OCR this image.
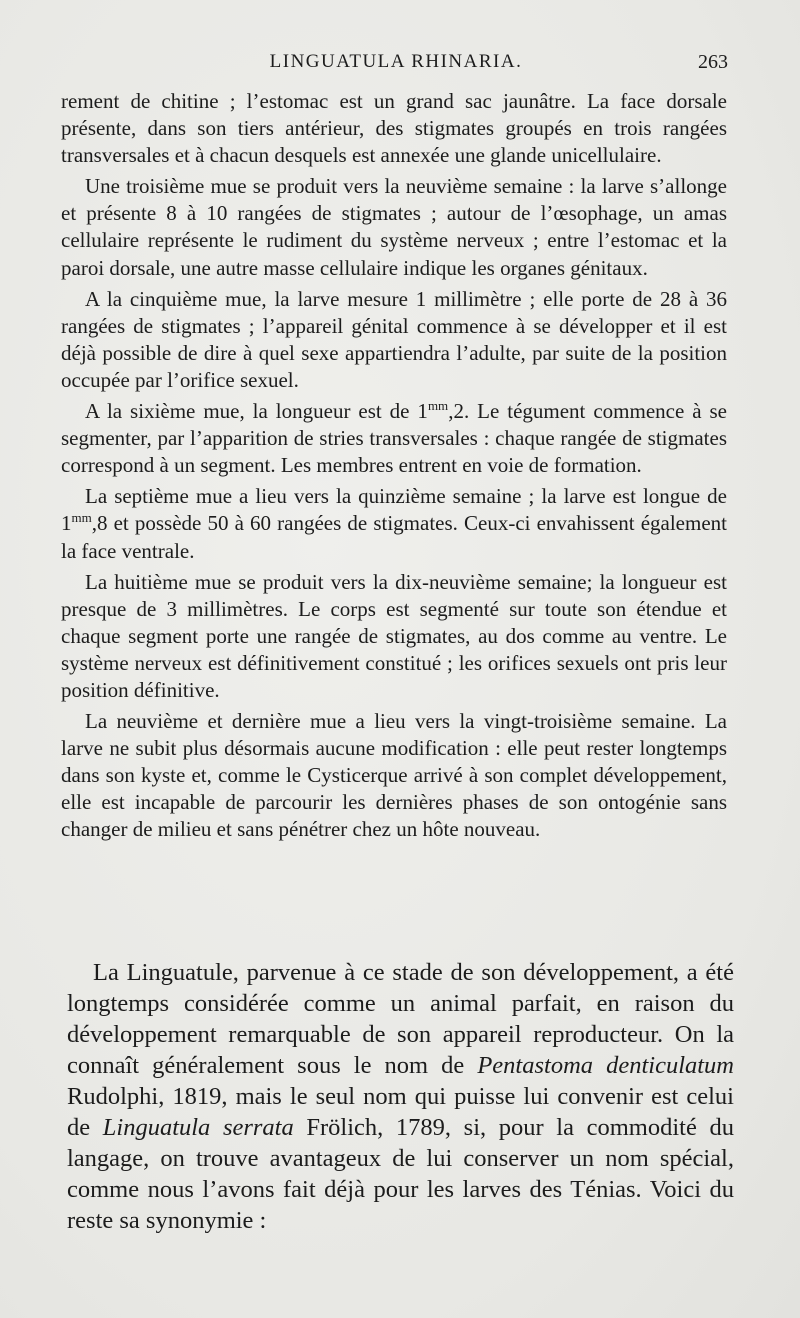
LINGUATULA RHINARIA.	263

rement de chitine ; l’estomac est un grand sac jaunâtre. La face dorsale présente, dans son tiers antérieur, des stigmates groupés en trois rangées transversales et à chacun desquels est annexée une glande unicellulaire.

Une troisième mue se produit vers la neuvième semaine : la larve s’allonge et présente 8 à 10 rangées de stigmates ; autour de l’œsophage, un amas cellulaire représente le rudiment du système nerveux ; entre l’estomac et la paroi dorsale, une autre masse cellulaire indique les organes génitaux.

A la cinquième mue, la larve mesure 1 millimètre ; elle porte de 28 à 36 rangées de stigmates ; l’appareil génital commence à se développer et il est déjà possible de dire à quel sexe appartiendra l’adulte, par suite de la position occupée par l’orifice sexuel.

A la sixième mue, la longueur est de $1^{mm},2$. Le tégument commence à se segmenter, par l’apparition de stries transversales : chaque rangée de stigmates correspond à un segment. Les membres entrent en voie de formation.

La septième mue a lieu vers la quinzième semaine ; la larve est longue de $1^{mm},8$ et possède 50 à 60 rangées de stigmates. Ceux-ci envahissent également la face ventrale.

La huitième mue se produit vers la dix-neuvième semaine; la longueur est presque de 3 millimètres. Le corps est segmenté sur toute son étendue et chaque segment porte une rangée de stigmates, au dos comme au ventre. Le système nerveux est définitivement constitué ; les orifices sexuels ont pris leur position définitive.

La neuvième et dernière mue a lieu vers la vingt-troisième semaine. La larve ne subit plus désormais aucune modification : elle peut rester longtemps dans son kyste et, comme le Cysticerque arrivé à son complet développement, elle est incapable de parcourir les dernières phases de son ontogénie sans changer de milieu et sans pénétrer chez un hôte nouveau.

La Linguatule, parvenue à ce stade de son développement, a été longtemps considérée comme un animal parfait, en raison du développement remarquable de son appareil reproducteur. On la connaît généralement sous le nom de Pentastoma denticulatum Rudolphi, 1819, mais le seul nom qui puisse lui convenir est celui de Linguatula serrata Frölich, 1789, si, pour la commodité du langage, on trouve avantageux de lui conserver un nom spécial, comme nous l’avons fait déjà pour les larves des Ténias. Voici du reste sa synonymie :
